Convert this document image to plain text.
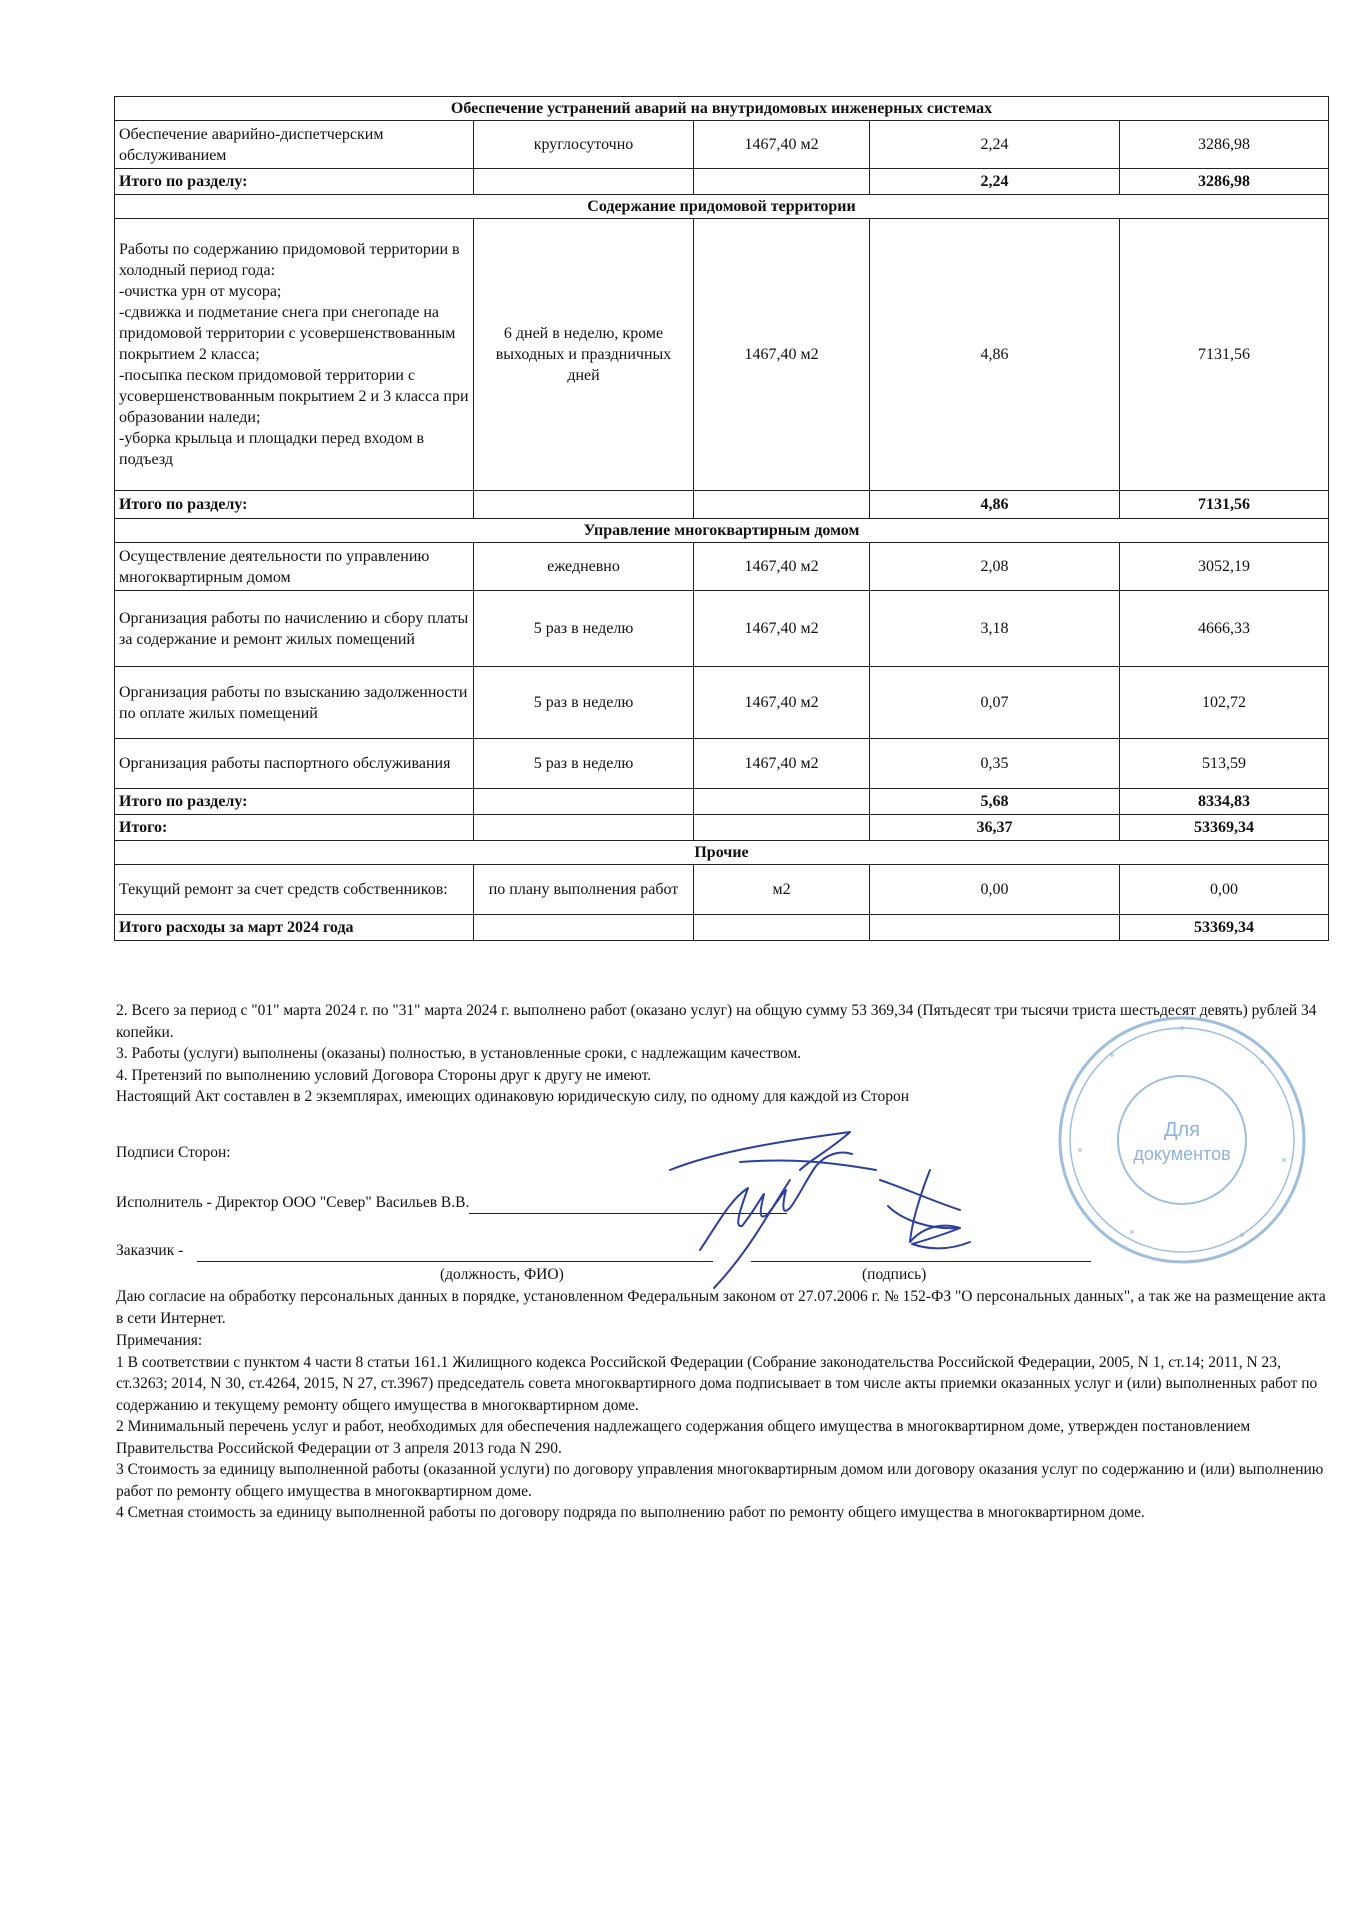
Обеспечение устранений аварий на внутридомовых инженерных системах				
Обеспечение аварийно-диспетчерским обслуживанием	круглосуточно	1467,40 м2	2,24	3286,98
Итого по разделу:			2,24	3286,98
Содержание придомовой территории				
Работы по содержанию придомовой территории в холодный период года:
-очистка урн от мусора;
-сдвижка и подметание снега при снегопаде на придомовой территории с усовершенствованным покрытием 2 класса;
-посыпка песком придомовой территории с усовершенствованным покрытием 2 и 3 класса при образовании наледи;
-уборка крыльца и площадки перед входом в подъезд	6 дней в неделю, кроме выходных и праздничных дней	1467,40 м2	4,86	7131,56
Итого по разделу:			4,86	7131,56
Управление многоквартирным домом				
Осуществление деятельности по управлению многоквартирным домом	ежедневно	1467,40 м2	2,08	3052,19
Организация работы по начислению и сбору платы за содержание и ремонт жилых помещений	5 раз в неделю	1467,40 м2	3,18	4666,33
Организация работы по взысканию задолженности по оплате жилых помещений	5 раз в неделю	1467,40 м2	0,07	102,72
Организация работы паспортного обслуживания	5 раз в неделю	1467,40 м2	0,35	513,59
Итого по разделу:			5,68	8334,83
Итого:			36,37	53369,34
Прочие				
Текущий ремонт за счет средств собственников:	по плану выполнения работ	м2	0,00	0,00
Итого расходы за март 2024 года				53369,34

2. Всего за период с "01" марта 2024 г. по "31" марта 2024 г. выполнено работ (оказано услуг) на общую сумму 53 369,34 (Пятьдесят три тысячи триста шестьдесят девять) рублей 34 копейки.

3. Работы (услуги) выполнены (оказаны) полностью, в установленные сроки, с надлежащим качеством.

4. Претензий по выполнению условий Договора Стороны друг к другу не имеют.

Настоящий Акт составлен в 2 экземплярах, имеющих одинаковую юридическую силу, по одному для каждой из Сторон

Подписи Сторон:
Исполнитель - Директор ООО "Север" Васильев В.В.
Заказчик -
(должность, ФИО)	(подпись)
Даю согласие на обработку персональных данных в порядке, установленном Федеральным законом от 27.07.2006 г. № 152-ФЗ "О персональных данных", а так же на размещение акта в сети Интернет.

Примечания:

1 В соответствии с пунктом 4 части 8 статьи 161.1 Жилищного кодекса Российской Федерации (Собрание законодательства Российской Федерации, 2005, N 1, ст.14; 2011, N 23, ст.3263; 2014, N 30, ст.4264, 2015, N 27, ст.3967) председатель совета многоквартирного дома подписывает в том числе акты приемки оказанных услуг и (или) выполненных работ по содержанию и текущему ремонту общего имущества в многоквартирном доме.

2 Минимальный перечень услуг и работ, необходимых для обеспечения надлежащего содержания общего имущества в многоквартирном доме, утвержден постановлением Правительства Российской Федерации от 3 апреля 2013 года N 290.

3 Стоимость за единицу выполненной работы (оказанной услуги) по договору управления многоквартирным домом или договору оказания услуг по содержанию и (или) выполнению работ по ремонту общего имущества в многоквартирном доме.

4 Сметная стоимость за единицу выполненной работы по договору подряда по выполнению работ по ремонту общего имущества в многоквартирном доме.

Для
документов
